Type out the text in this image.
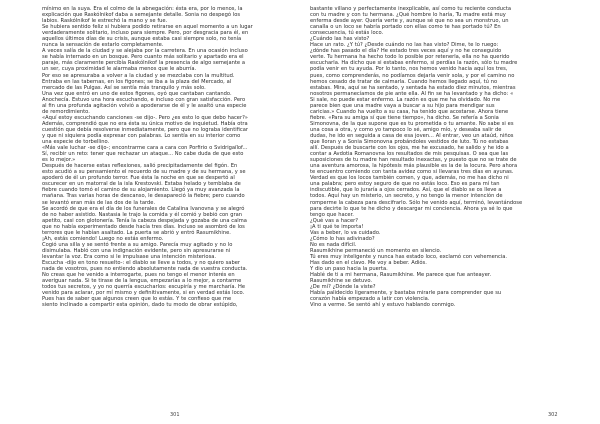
mínimo en la suya. Era el colmo de la abnegación: ésta era, por lo menos, la

explicación que Raskólnikof daba a semejante detalle. Sonia no despegó los

labios. Raskólnikof le estrechó la mano y se fue.

Se hubiera sentido feliz si hubiera podido retirarse en aquel momento a un lugar

verdaderamente solitario, incluso para siempre. Pero, por desgracia para él, en

aquellos últimos días de su crisis, aunque estaba casi siempre solo, no tenía

nunca la sensación de estarlo completamente.

A veces salía de la ciudad y se alejaba por la carretera. En una ocasión incluso

se había internado en un bosque. Pero cuanto más solitario y apartado era el

paraje, más claramente percibía Raskólnikof la presencia de algo semejante a

un ser, cuya proximidad le alarmaba menos que le aburría.

Por eso se apresuraba a volver a la ciudad y se mezclaba con la multitud.

Entraba en las tabernas, en los figones; se iba a la plaza del Mercado, al

mercado de las Pulgas. Así se sentía más tranquilo y más solo.

Una vez que entró en uno de estos figones, oyó que cantaban cantando.

Anochecía. Estuvo una hora escuchando, e incluso con gran satisfacción. Pero

al fin una profunda agitación volvió a apoderarse de él y le asaltó una especie

de remordimiento.

«Aquí estoy escuchando canciones -se dijo-. Pero ¿es esto lo que debo hacer?»

Además, comprendió que no era ésta su única motivo de inquietud. Había otra

cuestión que debía resolverse inmediatamente, pero que no lograba identificar

y que ni siquiera podía expresar con palabras. Lo sentía en su interior como

una especie de torbellino.

«Más vale luchar -se dijo-; encontrarme cara a cara con Porfirio o Svidrigaïlof...

Sí, recibir un reto: tener que rechazar un ataque... No cabe duda de que esto

es lo mejor.»

Después de hacerse estas reflexiones, salió precipitadamente del figón. En

esto acudió a su pensamiento el recuerdo de su madre y de su hermana, y se

apoderó de él un profundo terror. Fue ésta la noche en que se despertó al

oscurecer en un matorral de la isla Krestovski. Estaba helado y temblaba de

fiebre cuando tomó el camino de su alojamiento. Llegó ya muy avanzada la

mañana. Tras varias horas de descanso, le desapareció la fiebre; pero cuando

se levantó eran más de las dos de la tarde.

Se acordó de que era el día de los funerales de Catalina Ivanovna y se alegró

de no haber asistido. Nastasia le trajo la comida y él comió y bebió con gran

apetito, casi con glotonería. Tenía la cabeza despejada y gozaba de una calma

que no había experimentado desde hacía tres días. Incluso se asombró de los

terrores que le habían asaltado. La puerta se abrió y entró Rasumikhine.

¡Ah, estás comiendo! Luego no estás enfermo.

Cogió una silla y se sentó frente a su amigo. Parecía muy agitado y no lo

disimulaba. Habló con una indignación evidente, pero sin apresurarse ni

levantar la voz. Era como si le impulsase una intención misteriosa.

Escucha -dijo en tono resuelto-: el diablo se lleve a todos, y no quiero saber

nada de vosotros, pues no entiendo absolutamente nada de vuestra conducta.

No creas que he venido a interrogarte, pues no tengo el menor interés en

averiguar nada. Si te tirase de la lengua, empezarías a lo mejor, a contarme

todos tus secretos, y yo no querría escucharlos: escupiría y me marcharía. He

venido para aclarar, por mí mismo y definitivamente, si en verdad estás loco.

Pues has de saber que algunos creen que lo estás. Y te confieso que me

siento inclinado a compartir esta opinión, dado tu modo de obrar estúpido,

301

bastante villano y perfectamente inexplicable, así como tu reciente conducta

con tu madre y con tu hermana. ¿Qué hombre lo haría, Tu madre está muy

enferma desde ayer. Quería verte y, aunque sé que no sea un monstruo, un

canalla o un loco se habría portado con ellas como te has portado tú? En

consecuencia, tú estás loco.

¿Cuándo las has visto?

Hace un rato. ¿Y tú? ¿Desde cuándo no las has visto? Dime, te lo ruego:

¿dónde has pasado el día? He estado tres veces aquí y no he conseguido

verte. Tu hermana ha hecho todo lo posible por retenerla, ella no ha querido

escucharla. Ha dicho que si estabas enfermo, si perdías la razón, sólo tu madre

podía venir en tu ayuda. Por lo tanto, nos hemos venido hacia aquí los tres,

pues, como comprenderás, no podíamos dejarla venir sola, y por el camino no

hemos cesado de tratar de calmarla. Cuando hemos llegado aquí, tú no

estabas. Mira, aquí se ha sentado, y sentada ha estado diez minutos, mientras

nosotros permanecíamos de pie ante ella. Al fin se ha levantado y ha dicho: «

Si sale, no puede estar enfermo. La razón es que me ha olvidado. No me

parece bien que una madre vaya a buscar a su hijo para mendigar sus

caricias.» Cuando ha vuelto a su casa, ha tenido que acostarse. Ahora tiene

fiebre. «Para su amiga sí que tiene tiempo», ha dicho. Se refería a Sonia

Simonovna, de la que supone que es tu prometida o tu amante. No sabe si es

una cosa a otra, y como yo tampoco lo sé, amigo mío, y deseaba salir de

dudas, he ido en seguida a casa de esa joven... Al entrar, veo un ataúd, niños

que lloran y a Sonia Simonovna probándoles vestidos de luto. Tú no estabas

allí. Después de buscarte con los ojos, me he excusado, he salido y he ido a

contar a Avdotia Romanovna los resultados de mis pesquisas. O sea que las

suposiciones de tu madre han resultado inexactas, y puesto que no se trate de

una aventura amorosa, la hipótesis más plausible es la de la locura. Pero ahora

te encuentro comiendo con tanta avidez como si llevaras tres días en ayunas.

Verdad es que los locos también comen, y que, además, no me has dicho ni

una palabra; pero estoy seguro de que no estás loco. Eso es para mí tan

indiscutible, que lo juraría a ojos cerrados. Así, que el diablo se os lleve a

todos. Aquí hay un misterio, un secreto, y no tengo la menor intención de

romperme la cabeza para descifrarlo. Sólo he venido aquí, terminó, levantándose

para decirte lo que te he dicho y descargar mi conciencia. Ahora ya sé lo que

tengo que hacer.

¿Qué vas a hacer?

¡A ti qué te importa!

Vas a beber, lo va cuidado.

¿Cómo lo has adivinado?

No es nada difícil.

Rasumikhine permaneció un momento en silencio.

Tú eres muy inteligente y nunca has estado loco, exclamó con vehemencia.

Has dado en el clavo. Me voy a beber. Adiós.

Y dio un paso hacia la puerta.

Hablé de ti a mi hermana, Rasumikhine. Me parece que fue anteayer.

Rasumikhine se detuvo.

¿De mí? ¿Dónde la viste?

Había palidecido ligeramente, y bastaba mirarle para comprender que su

corazón había empezado a latir con violencia.

Vino a verme. Se sentó ahí y estuvo hablando conmigo.

302
